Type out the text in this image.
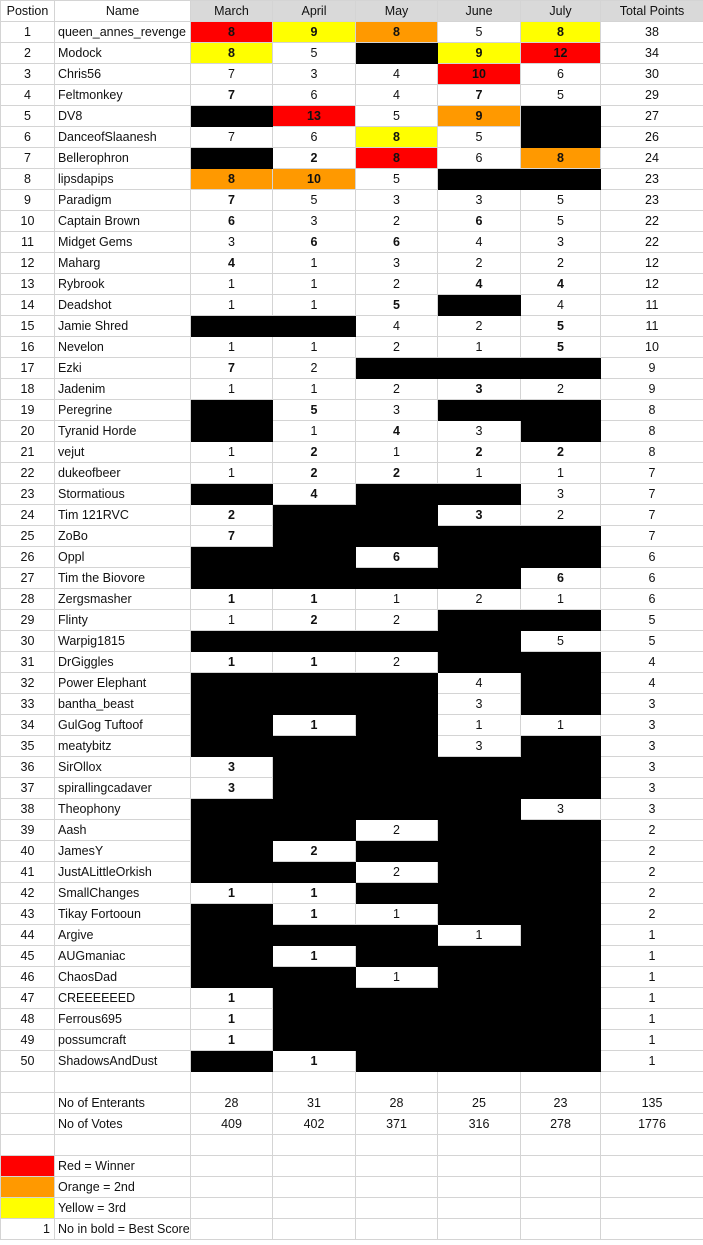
Postion	Name	March	April	May	June	July	Total Points
1	queen_annes_revenge	8	9	8	5	8	38
2	Modock	8	5		9	12	34
3	Chris56	7	3	4	10	6	30
4	Feltmonkey	7	6	4	7	5	29
5	DV8		13	5	9		27
6	DanceofSlaanesh	7	6	8	5		26
7	Bellerophron		2	8	6	8	24
8	lipsdapips	8	10	5			23
9	Paradigm	7	5	3	3	5	23
10	Captain Brown	6	3	2	6	5	22
11	Midget Gems	3	6	6	4	3	22
12	Maharg	4	1	3	2	2	12
13	Rybrook	1	1	2	4	4	12
14	Deadshot	1	1	5		4	11
15	Jamie Shred			4	2	5	11
16	Nevelon	1	1	2	1	5	10
17	Ezki	7	2				9
18	Jadenim	1	1	2	3	2	9
19	Peregrine		5	3			8
20	Tyranid Horde		1	4	3		8
21	vejut	1	2	1	2	2	8
22	dukeofbeer	1	2	2	1	1	7
23	Stormatious		4			3	7
24	Tim 121RVC	2			3	2	7
25	ZoBo	7					7
26	Oppl			6			6
27	Tim the Biovore					6	6
28	Zergsmasher	1	1	1	2	1	6
29	Flinty	1	2	2			5
30	Warpig1815					5	5
31	DrGiggles	1	1	2			4
32	Power Elephant				4		4
33	bantha_beast				3		3
34	GulGog Tuftoof		1		1	1	3
35	meatybitz				3		3
36	SirOllox	3					3
37	spirallingcadaver	3					3
38	Theophony					3	3
39	Aash			2			2
40	JamesY		2				2
41	JustALittleOrkish			2			2
42	SmallChanges	1	1				2
43	Tikay Fortooun		1	1			2
44	Argive				1		1
45	AUGmaniac		1				1
46	ChaosDad			1			1
47	CREEEEEED	1					1
48	Ferrous695	1					1
49	possumcraft	1					1
50	ShadowsAndDust		1				1

	No of Enterants	28	31	28	25	23	135
	No of Votes	409	402	371	316	278	1776

	Red = Winner						
	Orange = 2nd						
	Yellow = 3rd						
1	No in bold = Best Score						
